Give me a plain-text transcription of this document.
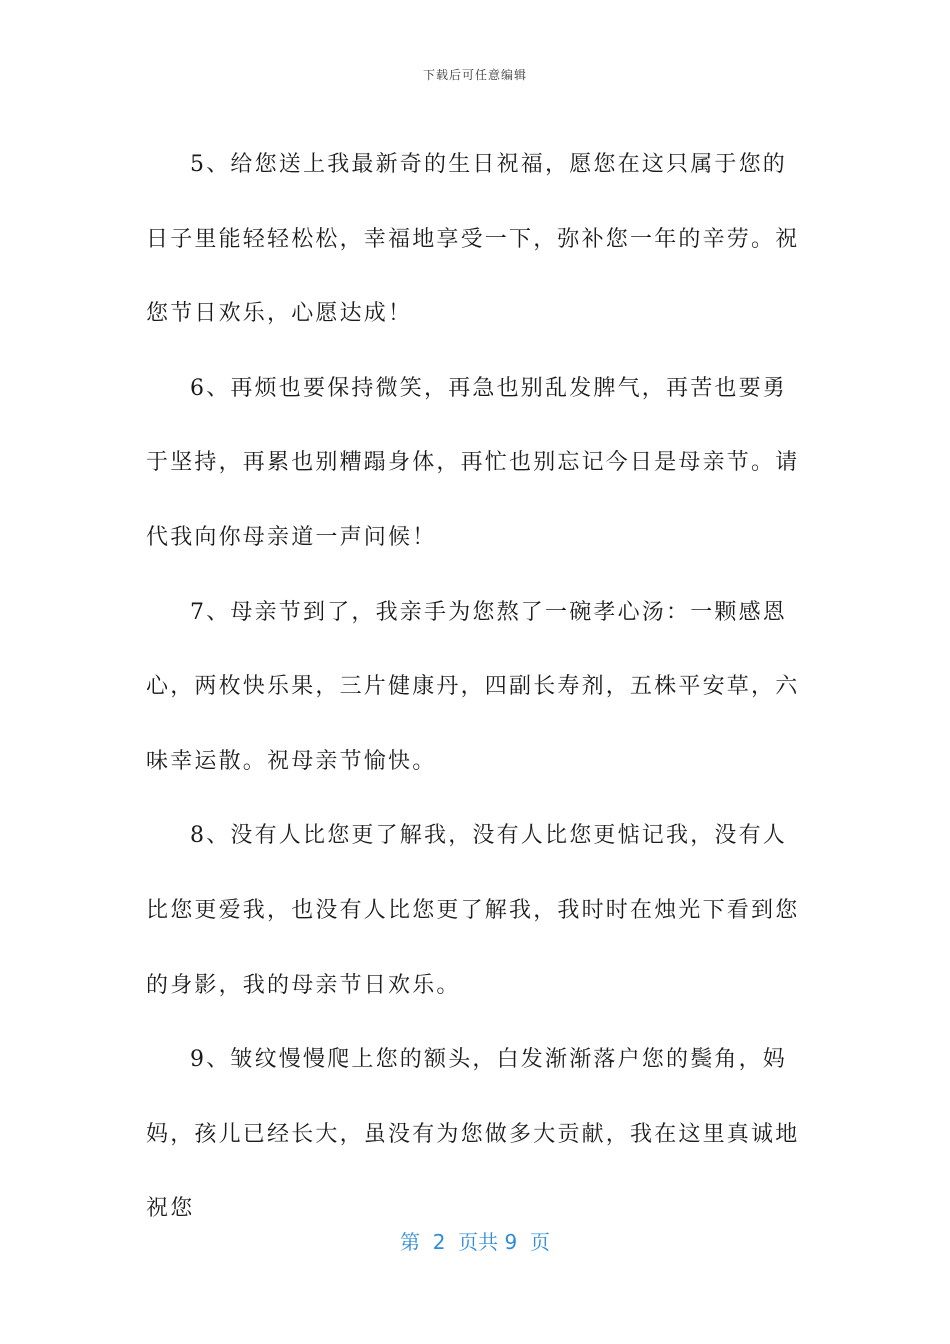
下载后可任意编辑

5、给您送上我最新奇的生日祝福，愿您在这只属于您的日子里能轻轻松松，幸福地享受一下，弥补您一年的辛劳。祝您节日欢乐，心愿达成！

6、再烦也要保持微笑，再急也别乱发脾气，再苦也要勇于坚持，再累也别糟蹋身体，再忙也别忘记今日是母亲节。请代我向你母亲道一声问候！

7、母亲节到了，我亲手为您熬了一碗孝心汤：一颗感恩心，两枚快乐果，三片健康丹，四副长寿剂，五株平安草，六味幸运散。祝母亲节愉快。

8、没有人比您更了解我，没有人比您更惦记我，没有人比您更爱我，也没有人比您更了解我，我时时在烛光下看到您的身影，我的母亲节日欢乐。

9、皱纹慢慢爬上您的额头，白发渐渐落户您的鬓角，妈妈，孩儿已经长大，虽没有为您做多大贡献，我在这里真诚地祝您

第  2  页共 9  页
